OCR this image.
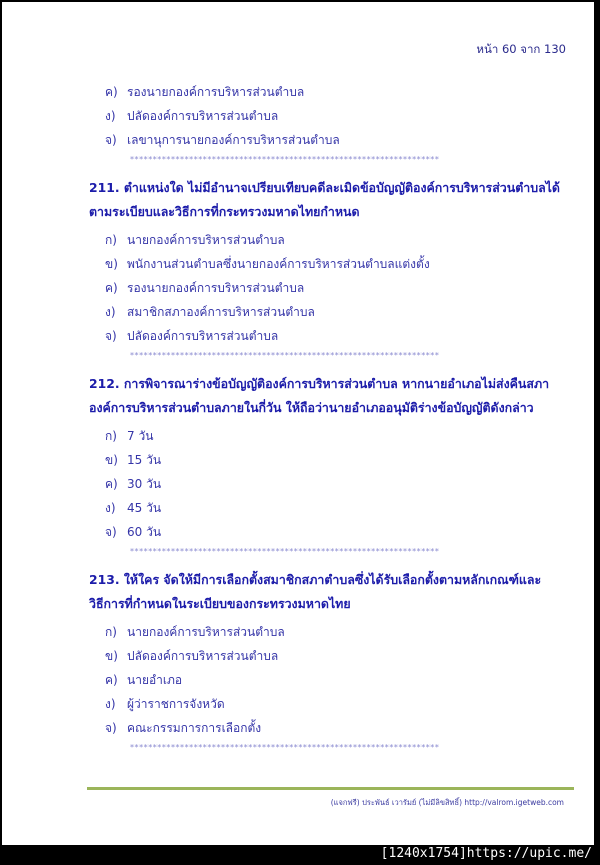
หน้า 60 จาก 130
ค) รองนายกองค์การบริหารส่วนตำบล
ง) ปลัดองค์การบริหารส่วนตำบล
จ) เลขานุการนายกองค์การบริหารส่วนตำบล
********************************************************************
211. ตำแหน่งใด ไม่มีอำนาจเปรียบเทียบคดีละเมิดข้อบัญญัติองค์การบริหารส่วนตำบลได้
ตามระเบียบและวิธีการที่กระทรวงมหาดไทยกำหนด
ก) นายกองค์การบริหารส่วนตำบล
ข) พนักงานส่วนตำบลซึ่งนายกองค์การบริหารส่วนตำบลแต่งตั้ง
ค) รองนายกองค์การบริหารส่วนตำบล
ง) สมาชิกสภาองค์การบริหารส่วนตำบล
จ) ปลัดองค์การบริหารส่วนตำบล
********************************************************************
212. การพิจารณาร่างข้อบัญญัติองค์การบริหารส่วนตำบล หากนายอำเภอไม่ส่งคืนสภา
องค์การบริหารส่วนตำบลภายในกี่วัน ให้ถือว่านายอำเภออนุมัติร่างข้อบัญญัติดังกล่าว
ก) 7 วัน
ข) 15 วัน
ค) 30 วัน
ง) 45 วัน
จ) 60 วัน
********************************************************************
213. ให้ใคร จัดให้มีการเลือกตั้งสมาชิกสภาตำบลซึ่งได้รับเลือกตั้งตามหลักเกณฑ์และ
วิธีการที่กำหนดในระเบียบของกระทรวงมหาดไทย
ก) นายกองค์การบริหารส่วนตำบล
ข) ปลัดองค์การบริหารส่วนตำบล
ค) นายอำเภอ
ง) ผู้ว่าราชการจังหวัด
จ) คณะกรรมการการเลือกตั้ง
********************************************************************
(แจกฟรี) ประพันธ์ เวารัมย์ (ไม่มีลิขสิทธิ์) http://valrom.igetweb.com
[1240x1754]https://upic.me/
